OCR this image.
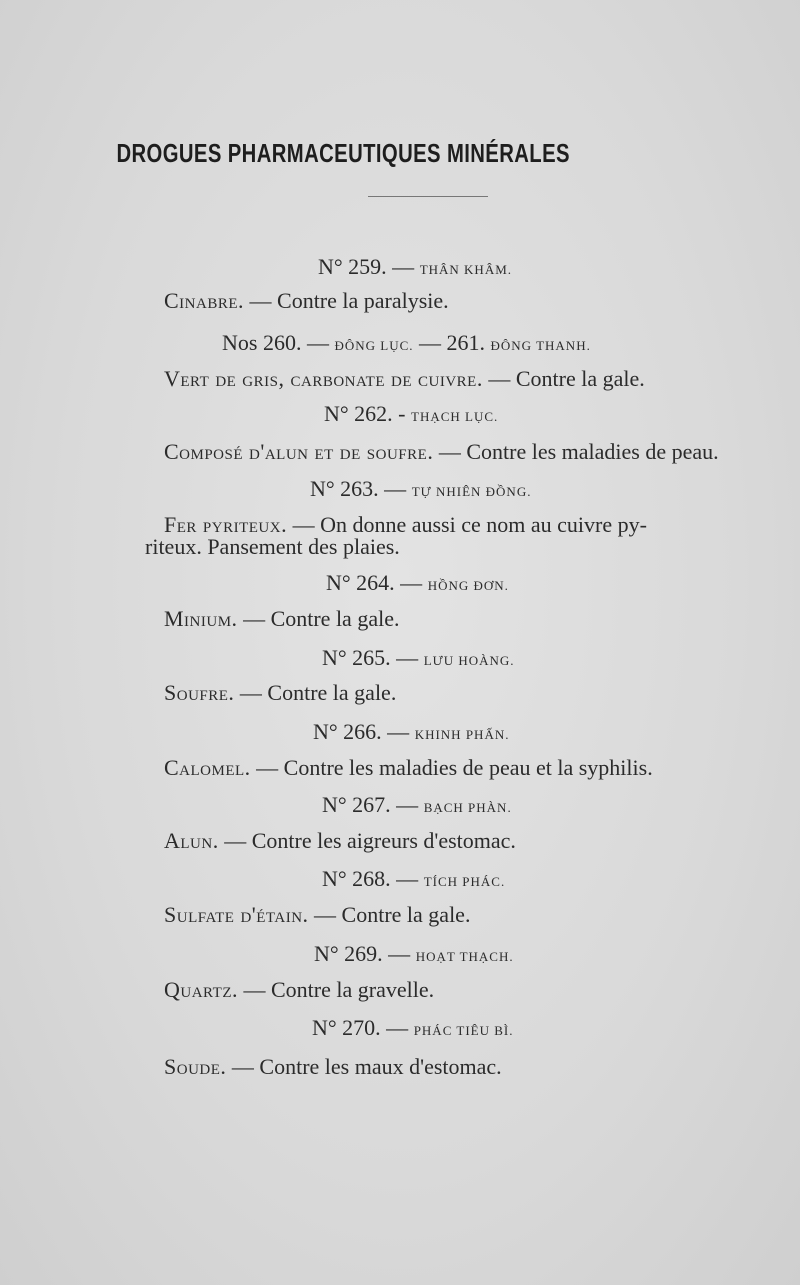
DROGUES PHARMACEUTIQUES MINÉRALES
N° 259. — THÂN KHÂM.
Cinabre. — Contre la paralysie.
Nos 260. — ĐÔNG LỤC. — 261. ĐÔNG THANH.
Vert de gris, carbonate de cuivre. — Contre la gale.
N° 262. - THẠCH LỤC.
Composé d'alun et de soufre. — Contre les maladies de peau.
N° 263. — TỰ NHIÊN ĐỒNG.
Fer pyriteux. — On donne aussi ce nom au cuivre py-
riteux. Pansement des plaies.
N° 264. — HỒNG ĐƠN.
Minium. — Contre la gale.
N° 265. — LƯU HOÀNG.
Soufre. — Contre la gale.
N° 266. — KHINH PHẤN.
Calomel. — Contre les maladies de peau et la syphilis.
N° 267. — BẠCH PHÀN.
Alun. — Contre les aigreurs d'estomac.
N° 268. — TÍCH PHÁC.
Sulfate d'étain. — Contre la gale.
N° 269. — HOẠT THẠCH.
Quartz. — Contre la gravelle.
N° 270. — PHÁC TIÊU BÌ.
Soude. — Contre les maux d'estomac.
